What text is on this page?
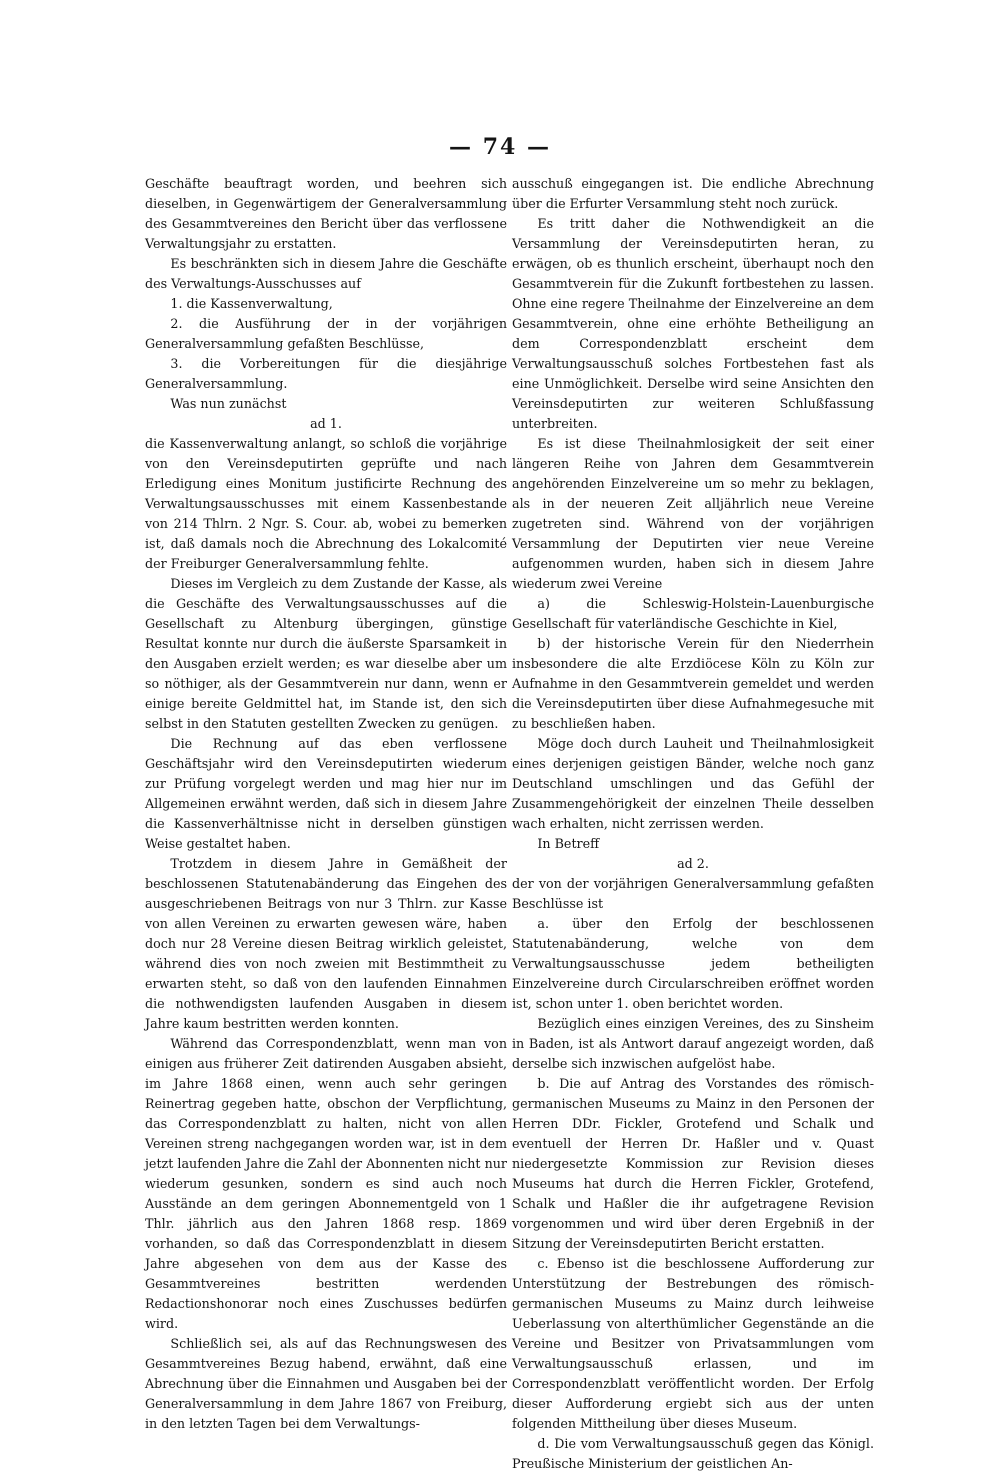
— 74 —

Geschäfte beauftragt worden, und beehren sich dieselben, in Gegenwärtigem der Generalversammlung des Gesammtvereines den Bericht über das verflossene Verwaltungsjahr zu erstatten.

Es beschränkten sich in diesem Jahre die Geschäfte des Verwaltungs-Ausschusses auf

1. die Kassenverwaltung,

2. die Ausführung der in der vorjährigen Generalversammlung gefaßten Beschlüsse,

3. die Vorbereitungen für die diesjährige Generalversammlung.

Was nun zunächst

ad 1.

die Kassenverwaltung anlangt, so schloß die vorjährige von den Vereinsdeputirten geprüfte und nach Erledigung eines Monitum justificirte Rechnung des Verwaltungsausschusses mit einem Kassenbestande von 214 Thlrn. 2 Ngr. S. Cour. ab, wobei zu bemerken ist, daß damals noch die Abrechnung des Lokalcomité der Freiburger Generalversammlung fehlte.

Dieses im Vergleich zu dem Zustande der Kasse, als die Geschäfte des Verwaltungsausschusses auf die Gesellschaft zu Altenburg übergingen, günstige Resultat konnte nur durch die äußerste Sparsamkeit in den Ausgaben erzielt werden; es war dieselbe aber um so nöthiger, als der Gesammtverein nur dann, wenn er einige bereite Geldmittel hat, im Stande ist, den sich selbst in den Statuten gestellten Zwecken zu genügen.

Die Rechnung auf das eben verflossene Geschäftsjahr wird den Vereinsdeputirten wiederum zur Prüfung vorgelegt werden und mag hier nur im Allgemeinen erwähnt werden, daß sich in diesem Jahre die Kassenverhältnisse nicht in derselben günstigen Weise gestaltet haben.

Trotzdem in diesem Jahre in Gemäßheit der beschlossenen Statutenabänderung das Eingehen des ausgeschriebenen Beitrags von nur 3 Thlrn. zur Kasse von allen Vereinen zu erwarten gewesen wäre, haben doch nur 28 Vereine diesen Beitrag wirklich geleistet, während dies von noch zweien mit Bestimmtheit zu erwarten steht, so daß von den laufenden Einnahmen die nothwendigsten laufenden Ausgaben in diesem Jahre kaum bestritten werden konnten.

Während das Correspondenzblatt, wenn man von einigen aus früherer Zeit datirenden Ausgaben absieht, im Jahre 1868 einen, wenn auch sehr geringen Reinertrag gegeben hatte, obschon der Verpflichtung, das Correspondenzblatt zu halten, nicht von allen Vereinen streng nachgegangen worden war, ist in dem jetzt laufenden Jahre die Zahl der Abonnenten nicht nur wiederum gesunken, sondern es sind auch noch Ausstände an dem geringen Abonnementgeld von 1 Thlr. jährlich aus den Jahren 1868 resp. 1869 vorhanden, so daß das Correspondenzblatt in diesem Jahre abgesehen von dem aus der Kasse des Gesammtvereines bestritten werdenden Redactionshonorar noch eines Zuschusses bedürfen wird.

Schließlich sei, als auf das Rechnungswesen des Gesammtvereines Bezug habend, erwähnt, daß eine Abrechnung über die Einnahmen und Ausgaben bei der Generalversammlung in dem Jahre 1867 von Freiburg, in den letzten Tagen bei dem Verwaltungs-

ausschuß eingegangen ist. Die endliche Abrechnung über die Erfurter Versammlung steht noch zurück.

Es tritt daher die Nothwendigkeit an die Versammlung der Vereinsdeputirten heran, zu erwägen, ob es thunlich erscheint, überhaupt noch den Gesammtverein für die Zukunft fortbestehen zu lassen. Ohne eine regere Theilnahme der Einzelvereine an dem Gesammtverein, ohne eine erhöhte Betheiligung an dem Correspondenzblatt erscheint dem Verwaltungsausschuß solches Fortbestehen fast als eine Unmöglichkeit. Derselbe wird seine Ansichten den Vereinsdeputirten zur weiteren Schlußfassung unterbreiten.

Es ist diese Theilnahmlosigkeit der seit einer längeren Reihe von Jahren dem Gesammtverein angehörenden Einzelvereine um so mehr zu beklagen, als in der neueren Zeit alljährlich neue Vereine zugetreten sind. Während von der vorjährigen Versammlung der Deputirten vier neue Vereine aufgenommen wurden, haben sich in diesem Jahre wiederum zwei Vereine

a) die Schleswig-Holstein-Lauenburgische Gesellschaft für vaterländische Geschichte in Kiel,

b) der historische Verein für den Niederrhein insbesondere die alte Erzdiöcese Köln zu Köln zur Aufnahme in den Gesammtverein gemeldet und werden die Vereinsdeputirten über diese Aufnahmegesuche mit zu beschließen haben.

Möge doch durch Lauheit und Theilnahmlosigkeit eines derjenigen geistigen Bänder, welche noch ganz Deutschland umschlingen und das Gefühl der Zusammengehörigkeit der einzelnen Theile desselben wach erhalten, nicht zerrissen werden.

In Betreff

ad 2.

der von der vorjährigen Generalversammlung gefaßten Beschlüsse ist

a. über den Erfolg der beschlossenen Statutenabänderung, welche von dem Verwaltungsausschusse jedem betheiligten Einzelvereine durch Circularschreiben eröffnet worden ist, schon unter 1. oben berichtet worden.

Bezüglich eines einzigen Vereines, des zu Sinsheim in Baden, ist als Antwort darauf angezeigt worden, daß derselbe sich inzwischen aufgelöst habe.

b. Die auf Antrag des Vorstandes des römisch-germanischen Museums zu Mainz in den Personen der Herren DDr. Fickler, Grotefend und Schalk und eventuell der Herren Dr. Haßler und v. Quast niedergesetzte Kommission zur Revision dieses Museums hat durch die Herren Fickler, Grotefend, Schalk und Haßler die ihr aufgetragene Revision vorgenommen und wird über deren Ergebniß in der Sitzung der Vereinsdeputirten Bericht erstatten.

c. Ebenso ist die beschlossene Aufforderung zur Unterstützung der Bestrebungen des römisch-germanischen Museums zu Mainz durch leihweise Ueberlassung von alterthümlicher Gegenstände an die Vereine und Besitzer von Privatsammlungen vom Verwaltungsausschuß erlassen, und im Correspondenzblatt veröffentlicht worden. Der Erfolg dieser Aufforderung ergiebt sich aus der unten folgenden Mittheilung über dieses Museum.

d. Die vom Verwaltungsausschuß gegen das Königl. Preußische Ministerium der geistlichen An-
